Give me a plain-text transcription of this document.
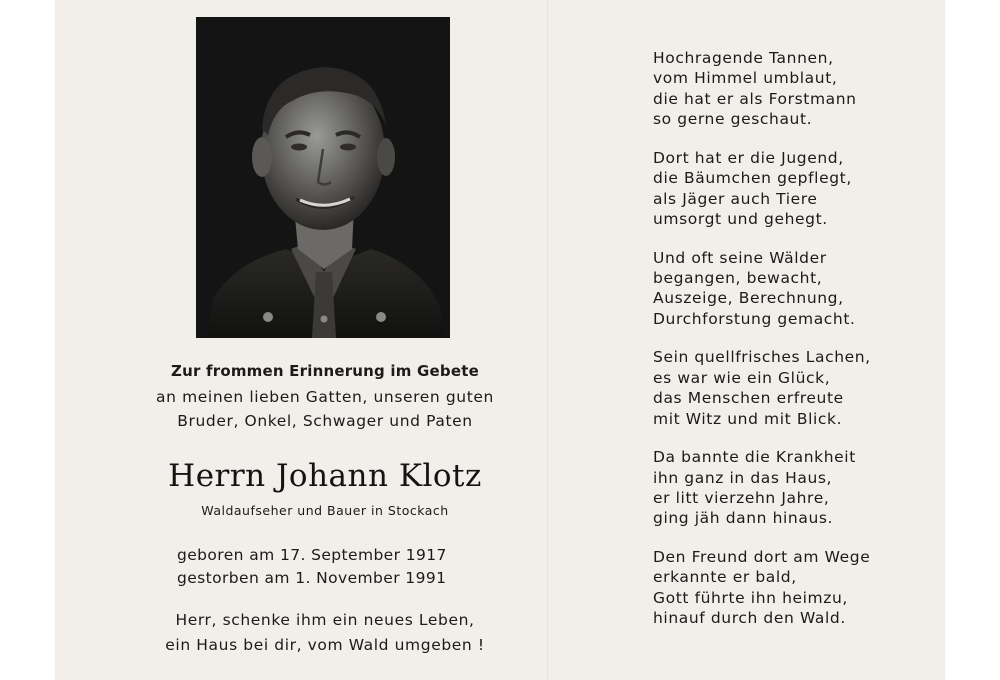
Zur frommen Erinnerung im Gebete
an meinen lieben Gatten, unseren guten
Bruder, Onkel, Schwager und Paten
Herrn Johann Klotz
Waldaufseher und Bauer in Stockach
geboren am 17. September 1917
gestorben am 1. November 1991
Herr, schenke ihm ein neues Leben,
ein Haus bei dir, vom Wald umgeben !
Hochragende Tannen,
vom Himmel umblaut,
die hat er als Forstmann
so gerne geschaut.
Dort hat er die Jugend,
die Bäumchen gepflegt,
als Jäger auch Tiere
umsorgt und gehegt.
Und oft seine Wälder
begangen, bewacht,
Auszeige, Berechnung,
Durchforstung gemacht.
Sein quellfrisches Lachen,
es war wie ein Glück,
das Menschen erfreute
mit Witz und mit Blick.
Da bannte die Krankheit
ihn ganz in das Haus,
er litt vierzehn Jahre,
ging jäh dann hinaus.
Den Freund dort am Wege
erkannte er bald,
Gott führte ihn heimzu,
hinauf durch den Wald.
